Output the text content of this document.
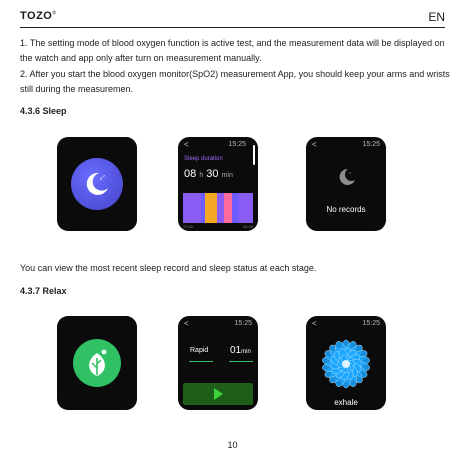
TOZO®	EN

1. The setting mode of blood oxygen function is active test, and the measurement data will be displayed on the watch and app only after turn on measurement manually.

2. After you start the blood oxygen monitor(SpO2) measurement App, you should keep your arms and wrists still during the measuremen.

4.3.6 Sleep
z
z
<	15:25
Sleep duration
08 h 30 min
23:00	06:30
<	15:25
z
No records

You can view the most recent sleep record and sleep status at each stage.

4.3.7 Relax
<	15:25
Rapid 01min
<	15:25
exhale
10
